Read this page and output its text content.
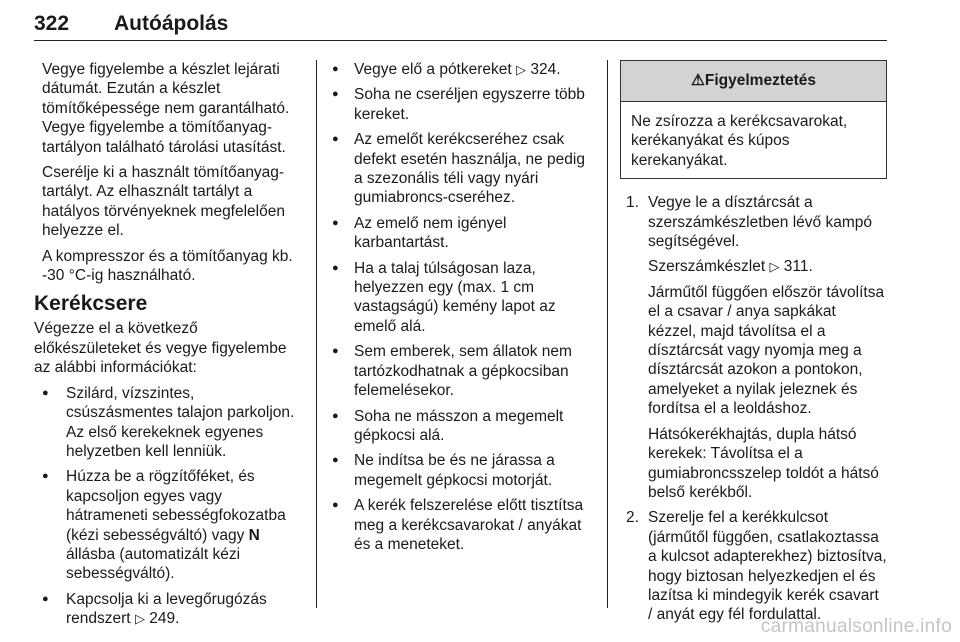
322 Autóápolás

Vegye figyelembe a készlet lejárati dátumát. Ezután a készlet tömítőképessége nem garantálható. Vegye figyelembe a tömítőanyag-tartályon található tárolási utasítást.

Cserélje ki a használt tömítőanyag-tartályt. Az elhasznált tartályt a hatályos törvényeknek megfelelően helyezze el.

A kompresszor és a tömítőanyag kb. -30 °C-ig használható.

Kerékcsere

Végezze el a következő előkészületeket és vegye figyelembe az alábbi információkat:

● Szilárd, vízszintes, csúszásmentes talajon parkoljon. Az első kerekeknek egyenes helyzetben kell lenniük.
● Húzza be a rögzítőféket, és kapcsoljon egyes vagy hátrameneti sebességfokozatba (kézi sebességváltó) vagy N állásba (automatizált kézi sebességváltó).
● Kapcsolja ki a levegőrugózás rendszert ▷ 249.
● Vegye elő a pótkereket ▷ 324.
● Soha ne cseréljen egyszerre több kereket.
● Az emelőt kerékcseréhez csak defekt esetén használja, ne pedig a szezonális téli vagy nyári gumiabroncs-cseréhez.
● Az emelő nem igényel karbantartást.
● Ha a talaj túlságosan laza, helyezzen egy (max. 1 cm vastagságú) kemény lapot az emelő alá.
● Sem emberek, sem állatok nem tartózkodhatnak a gépkocsiban felemelésekor.
● Soha ne másszon a megemelt gépkocsi alá.
● Ne indítsa be és ne járassa a megemelt gépkocsi motorját.
● A kerék felszerelése előtt tisztítsa meg a kerékcsavarokat / anyákat és a meneteket.
⚠Figyelmeztetés
Ne zsírozza a kerékcsavarokat, kerékanyákat és kúpos kerekanyákat.
1. Vegye le a dísztárcsát a szerszámkészletben lévő kampó segítségével.

Szerszámkészlet ▷ 311.

Járműtől függően először távolítsa el a csavar / anya sapkákat kézzel, majd távolítsa el a dísztárcsát vagy nyomja meg a dísztárcsát azokon a pontokon, amelyeket a nyilak jeleznek és fordítsa el a leoldáshoz.

Hátsókerékhajtás, dupla hátsó kerekek: Távolítsa el a gumiabroncsszelep toldót a hátsó belső kerékből.

2. Szerelje fel a kerékkulcsot (járműtől függően, csatlakoztassa a kulcsot adapterekhez) biztosítva, hogy biztosan helyezkedjen el és lazítsa ki mindegyik kerék csavart / anyát egy fél fordulattal.

carmanualsonline.info
